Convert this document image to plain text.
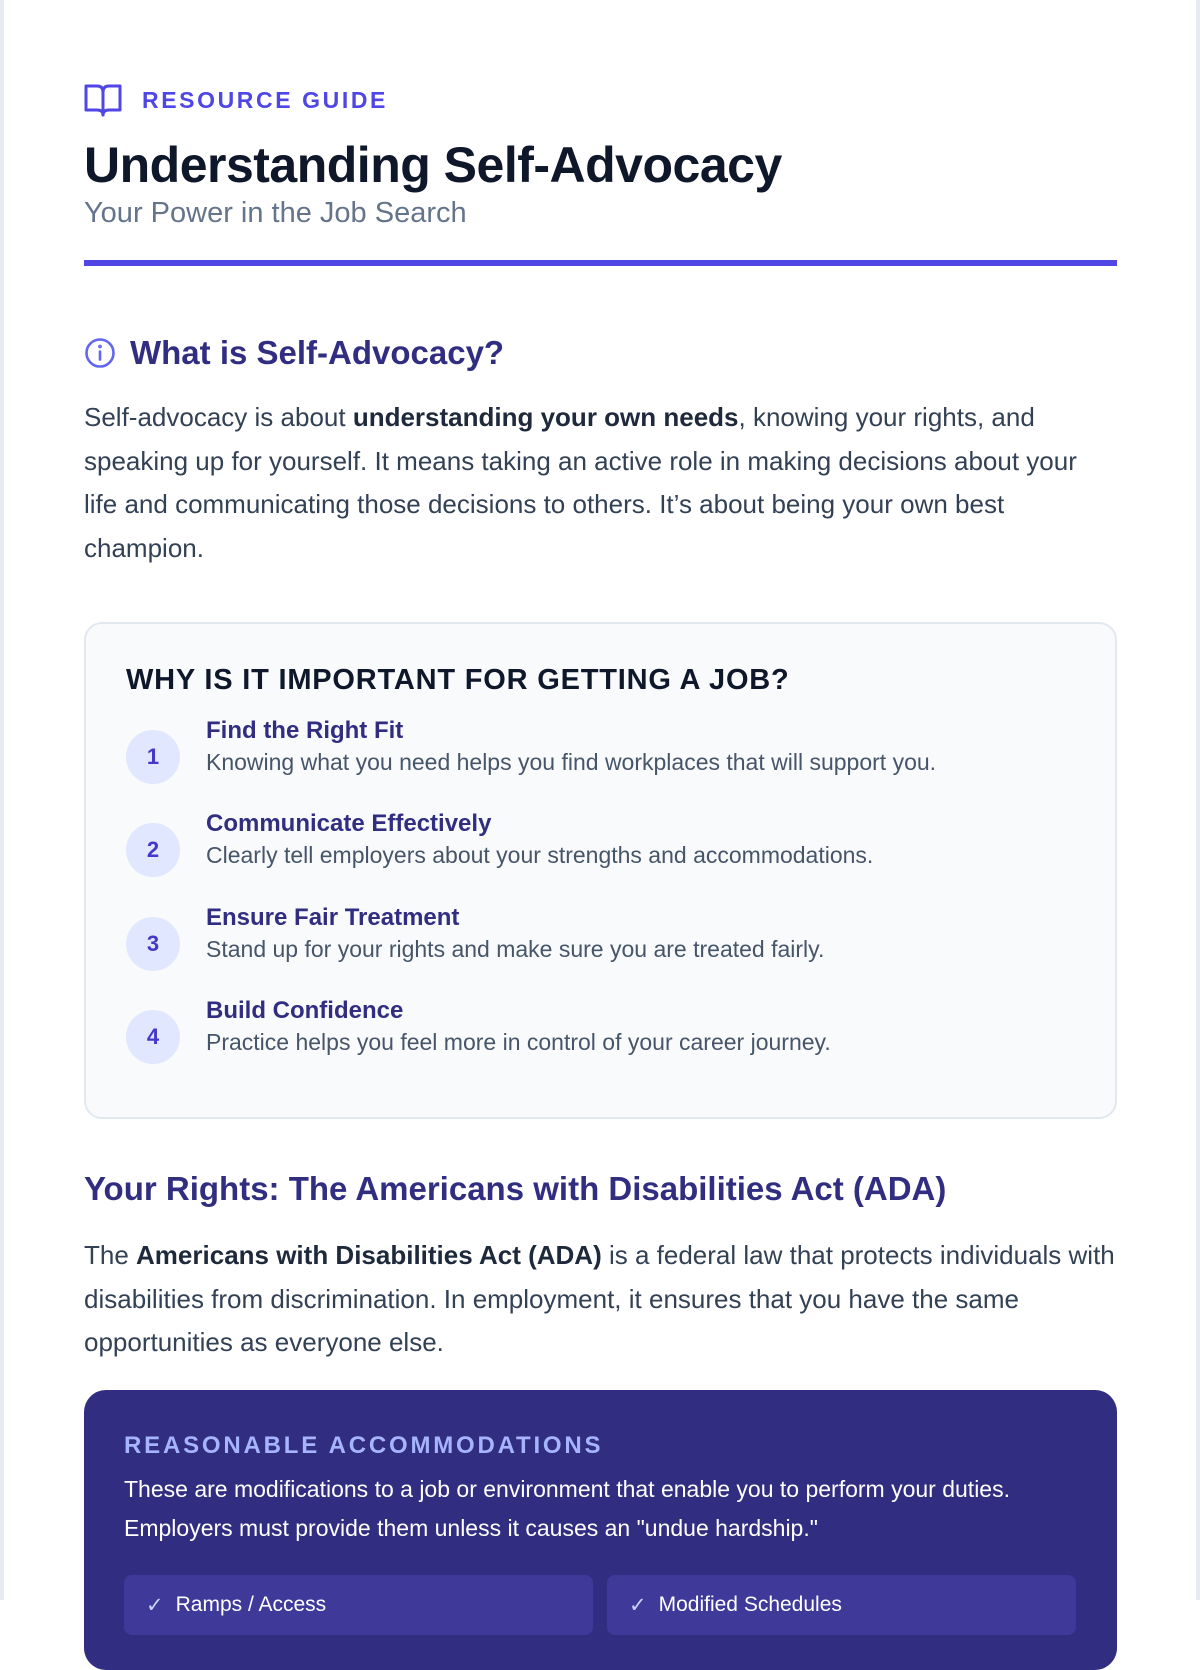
RESOURCE GUIDE
Understanding Self-Advocacy
Your Power in the Job Search
What is Self-Advocacy?

Self-advocacy is about understanding your own needs, knowing your rights, and speaking up for yourself. It means taking an active role in making decisions about your life and communicating those decisions to others. It’s about being your own best champion.

WHY IS IT IMPORTANT FOR GETTING A JOB?
1
Find the Right Fit
Knowing what you need helps you find workplaces that will support you.
2
Communicate Effectively
Clearly tell employers about your strengths and accommodations.
3
Ensure Fair Treatment
Stand up for your rights and make sure you are treated fairly.
4
Build Confidence
Practice helps you feel more in control of your career journey.
Your Rights: The Americans with Disabilities Act (ADA)

The Americans with Disabilities Act (ADA) is a federal law that protects individuals with disabilities from discrimination. In employment, it ensures that you have the same opportunities as everyone else.

REASONABLE ACCOMMODATIONS

These are modifications to a job or environment that enable you to perform your duties. Employers must provide them unless it causes an "undue hardship."

✓ Ramps / Access	✓ Modified Schedules
